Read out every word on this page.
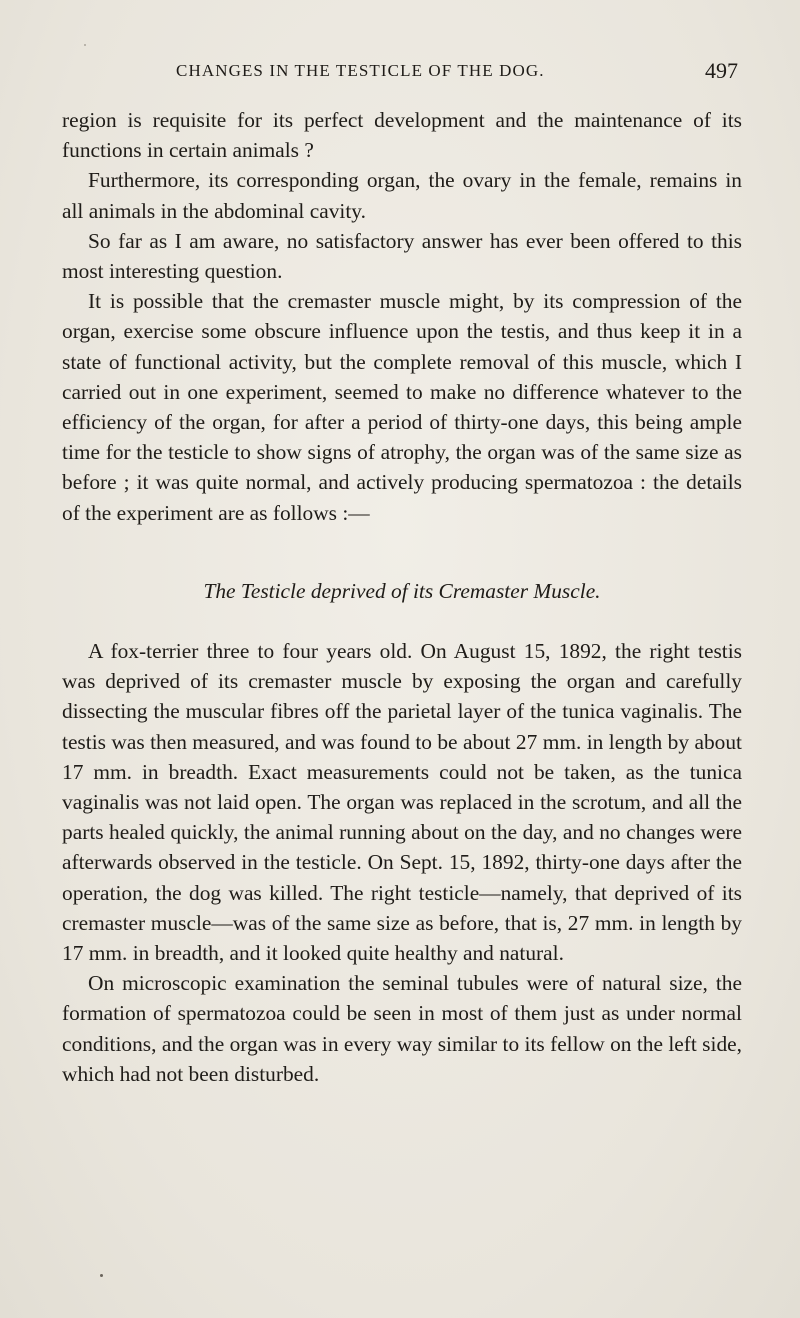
CHANGES IN THE TESTICLE OF THE DOG.	497

region is requisite for its perfect development and the maintenance of its functions in certain animals ?

Furthermore, its corresponding organ, the ovary in the female, remains in all animals in the abdominal cavity.

So far as I am aware, no satisfactory answer has ever been offered to this most interesting question.

It is possible that the cremaster muscle might, by its compression of the organ, exercise some obscure influence upon the testis, and thus keep it in a state of functional activity, but the complete removal of this muscle, which I carried out in one experiment, seemed to make no difference whatever to the efficiency of the organ, for after a period of thirty-one days, this being ample time for the testicle to show signs of atrophy, the organ was of the same size as before ; it was quite normal, and actively producing spermatozoa : the details of the experiment are as follows :—

The Testicle deprived of its Cremaster Muscle.

A fox-terrier three to four years old. On August 15, 1892, the right testis was deprived of its cremaster muscle by exposing the organ and carefully dissecting the muscular fibres off the parietal layer of the tunica vaginalis. The testis was then measured, and was found to be about 27 mm. in length by about 17 mm. in breadth. Exact measurements could not be taken, as the tunica vaginalis was not laid open. The organ was replaced in the scrotum, and all the parts healed quickly, the animal running about on the day, and no changes were afterwards observed in the testicle. On Sept. 15, 1892, thirty-one days after the operation, the dog was killed. The right testicle—namely, that deprived of its cremaster muscle—was of the same size as before, that is, 27 mm. in length by 17 mm. in breadth, and it looked quite healthy and natural.

On microscopic examination the seminal tubules were of natural size, the formation of spermatozoa could be seen in most of them just as under normal conditions, and the organ was in every way similar to its fellow on the left side, which had not been disturbed.
